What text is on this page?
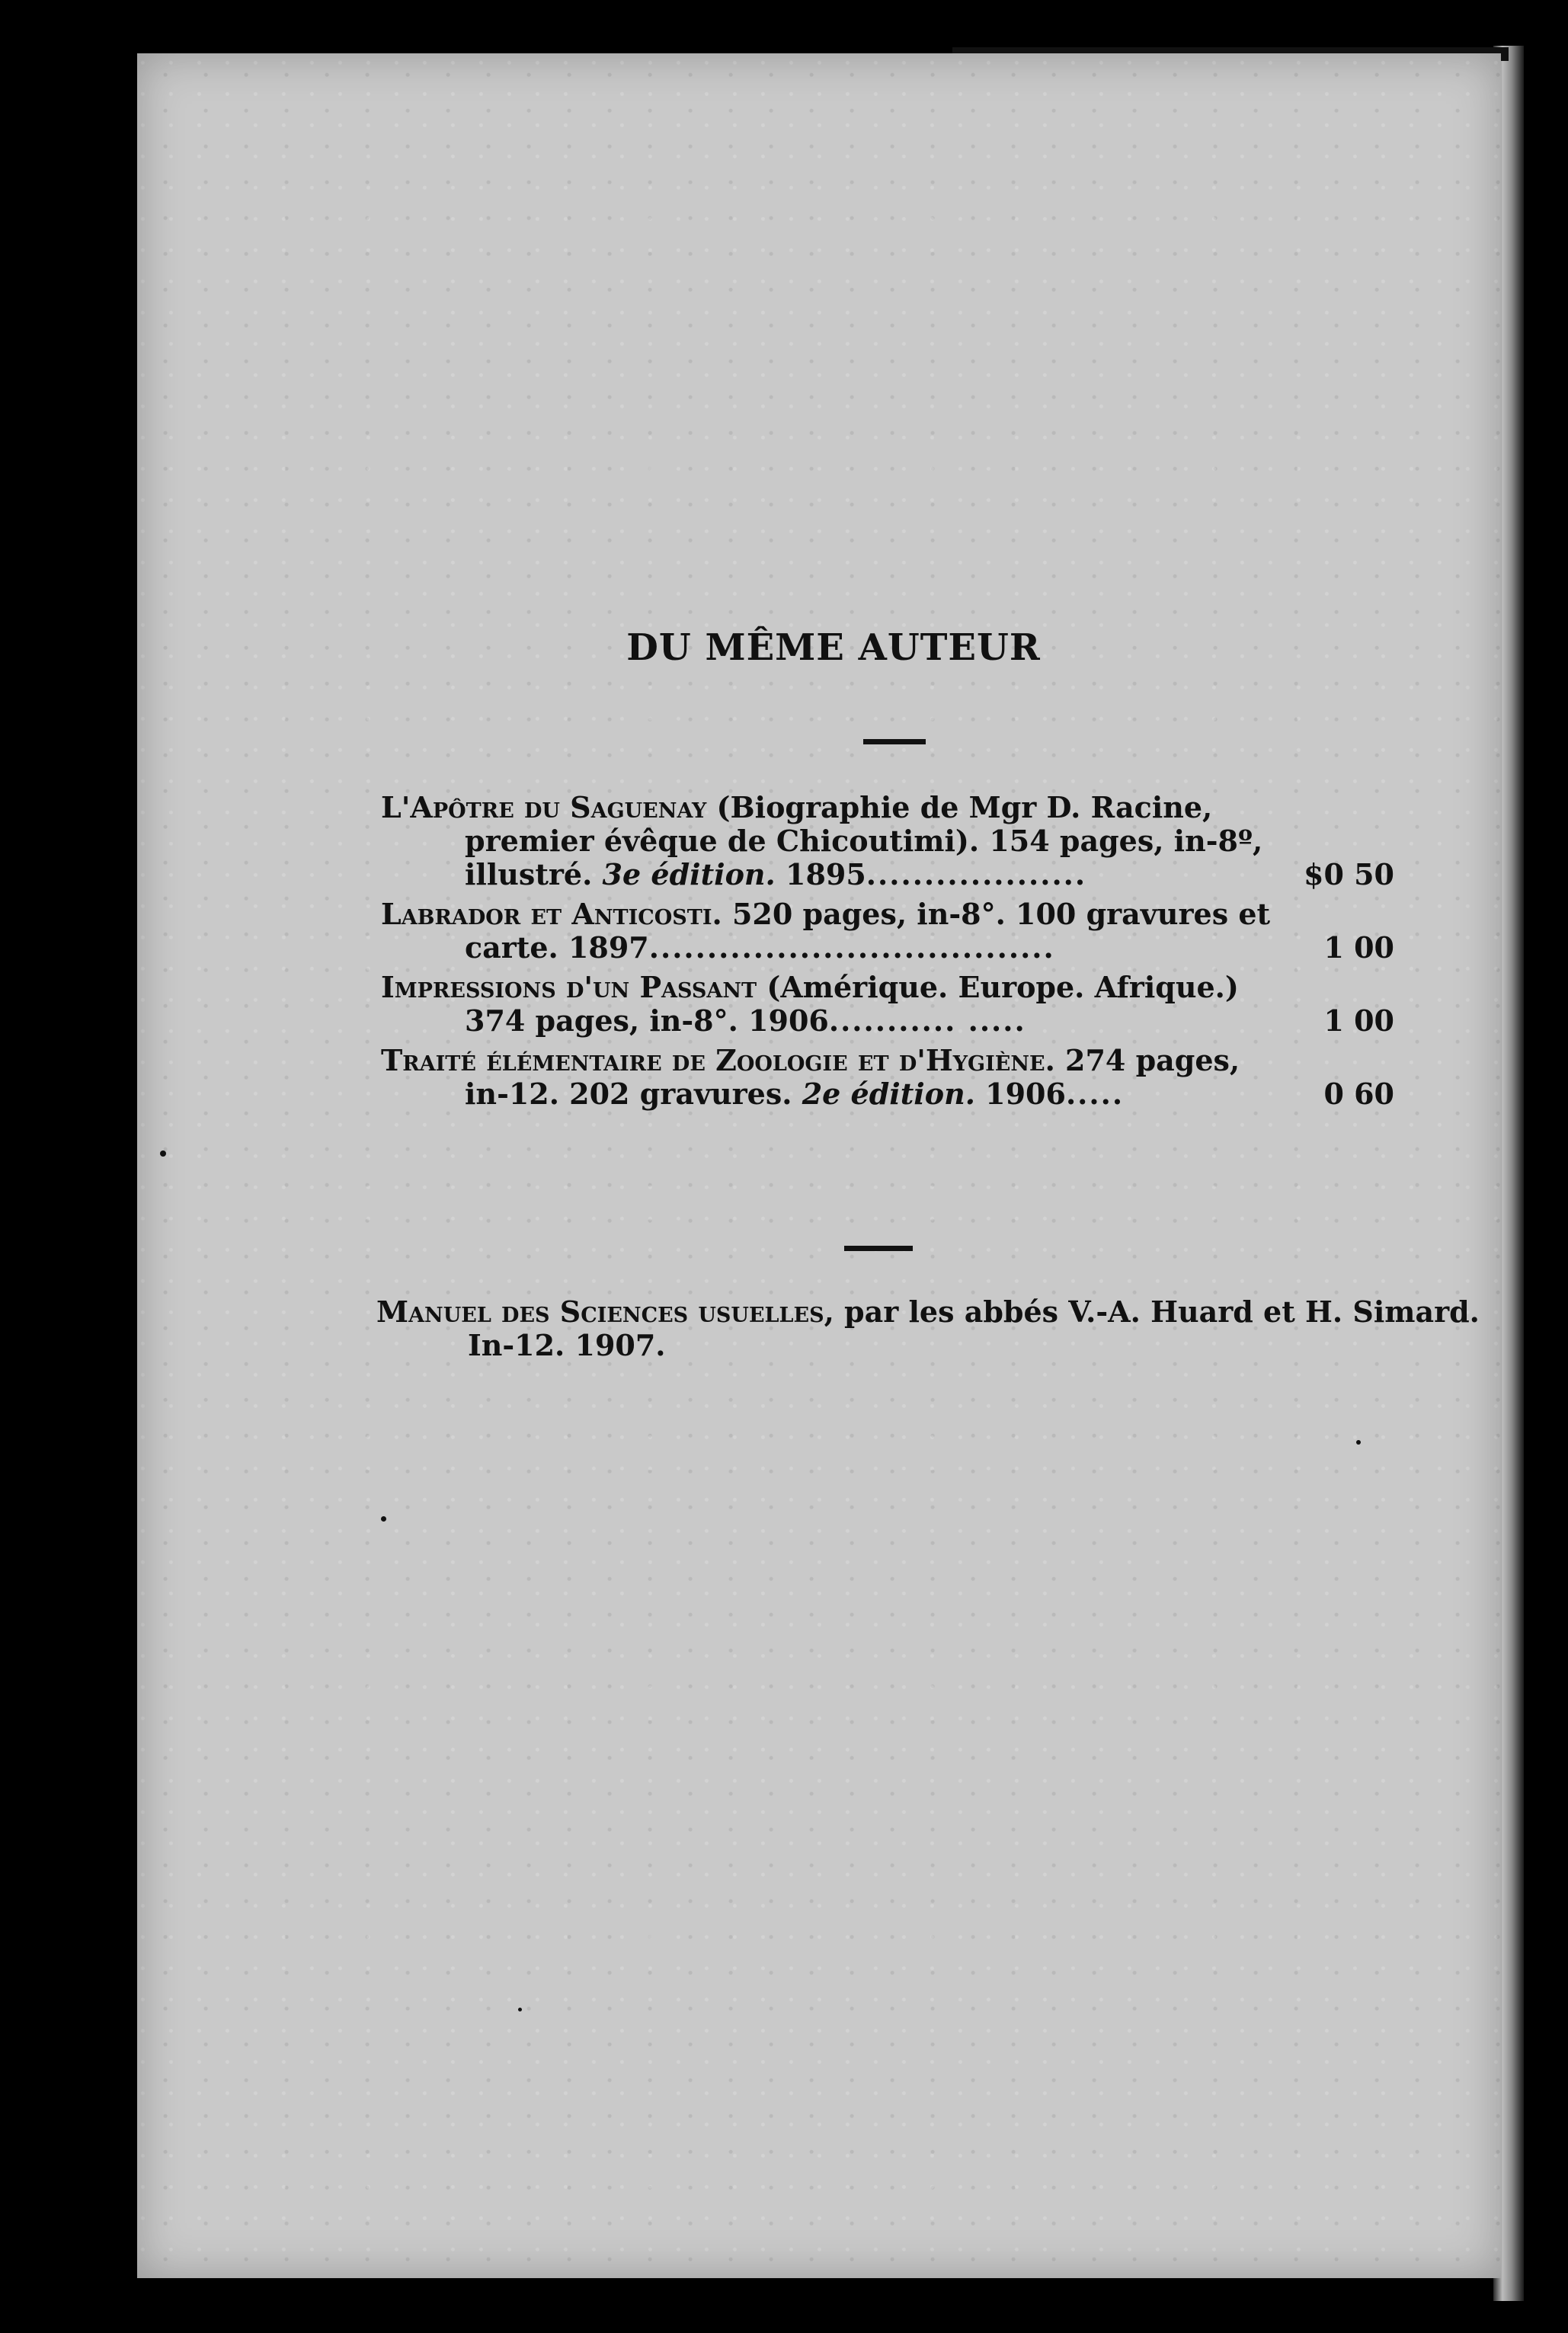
DU MÊME AUTEUR
L'Apôtre du Saguenay (Biographie de Mgr D. Racine, premier évêque de Chicoutimi). 154 pages, in-8º, illustré. 3e édition. 1895...................	$0 50
Labrador et Anticosti. 520 pages, in-8°. 100 gravures et carte. 1897...................................	1 00
Impressions d'un Passant (Amérique. Europe. Afrique.) 374 pages, in-8°. 1906........... .....	1 00
Traité élémentaire de Zoologie et d'Hygiène. 274 pages, in-12. 202 gravures. 2e édition. 1906.....	0 60
Manuel des Sciences usuelles, par les abbés V.-A. Huard et H. Simard. In-12. 1907.
